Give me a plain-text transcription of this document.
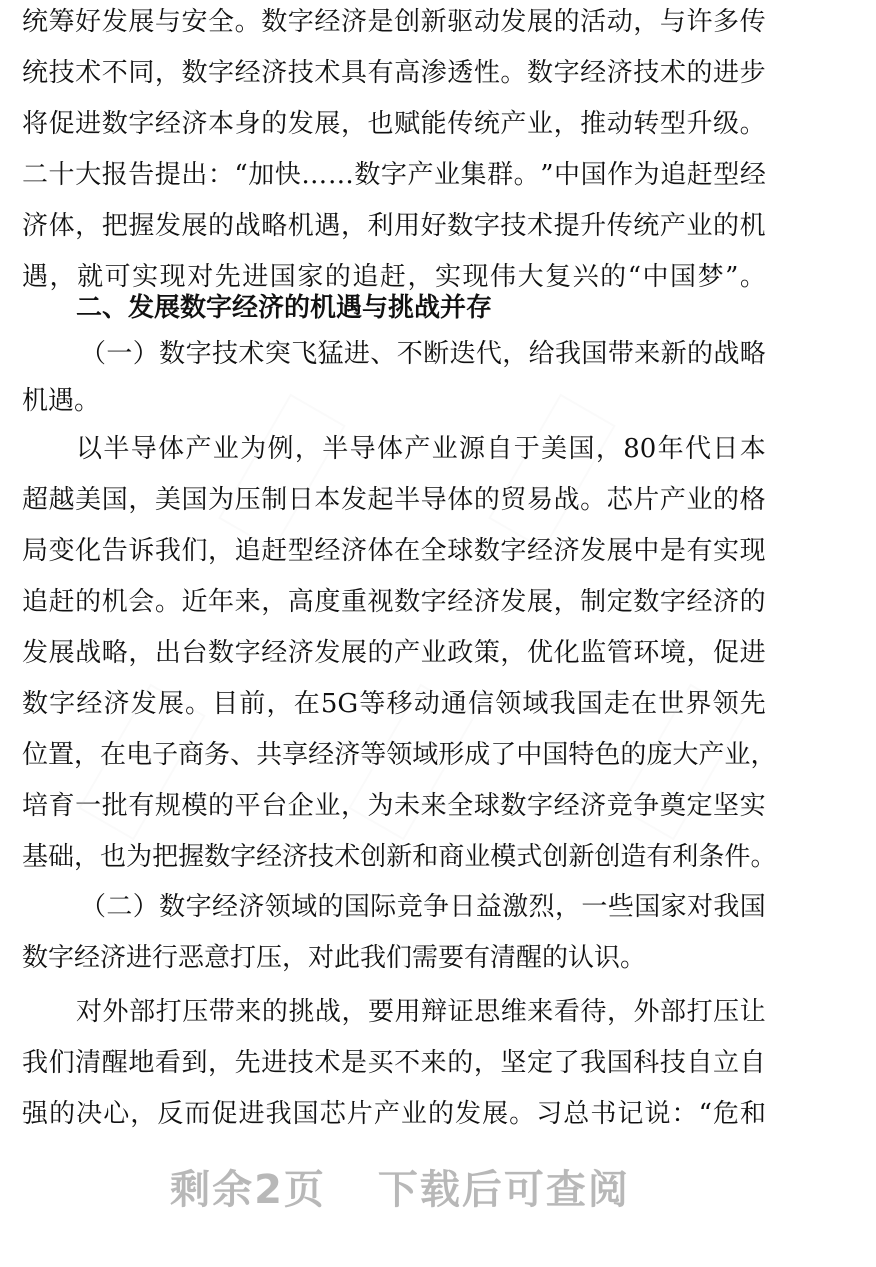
统 筹 好 发 展 与 安 全 。 数 字 经 济 是 创 新 驱 动 发 展 的 活 动 ， 与 许 多 传
统 技 术 不 同 ， 数 字 经 济 技 术 具 有 高 渗 透 性 。 数 字 经 济 技 术 的 进 步
将 促 进 数 字 经 济 本 身 的 发 展 ， 也 赋 能 传 统 产 业 ， 推 动 转 型 升 级 。
二 十 大 报 告 提 出 ： “ 加 快 … … 数 字 产 业 集 群 。 ” 中 国 作 为 追 赶 型 经
济 体 ， 把 握 发 展 的 战 略 机 遇 ， 利 用 好 数 字 技 术 提 升 传 统 产 业 的 机
遇 ， 就 可 实 现 对 先 进 国 家 的 追 赶 ， 实 现 伟 大 复 兴 的 “ 中 国 梦 ” 。
二、发展数字经济的机遇与挑战并存
（ 一 ） 数 字 技 术 突 飞 猛 进 、 不 断 迭 代 ， 给 我 国 带 来 新 的 战 略
机遇。
以 半 导 体 产 业 为 例 ， 半 导 体 产 业 源 自 于 美 国 ， 80 年 代 日 本
超 越 美 国 ， 美 国 为 压 制 日 本 发 起 半 导 体 的 贸 易 战 。 芯 片 产 业 的 格
局 变 化 告 诉 我 们 ， 追 赶 型 经 济 体 在 全 球 数 字 经 济 发 展 中 是 有 实 现
追 赶 的 机 会 。 近 年 来 ， 高 度 重 视 数 字 经 济 发 展 ， 制 定 数 字 经 济 的
发 展 战 略 ， 出 台 数 字 经 济 发 展 的 产 业 政 策 ， 优 化 监 管 环 境 ， 促 进
数 字 经 济 发 展 。 目 前 ， 在 5G 等 移 动 通 信 领 域 我 国 走 在 世 界 领 先
位 置 ， 在 电 子 商 务 、 共 享 经 济 等 领 域 形 成 了 中 国 特 色 的 庞 大 产 业 ，
培 育 一 批 有 规 模 的 平 台 企 业 ， 为 未 来 全 球 数 字 经 济 竞 争 奠 定 坚 实
基 础 ， 也 为 把 握 数 字 经 济 技 术 创 新 和 商 业 模 式 创 新 创 造 有 利 条 件 。
（ 二 ） 数 字 经 济 领 域 的 国 际 竞 争 日 益 激 烈 ， 一 些 国 家 对 我 国
数字经济进行恶意打压，对此我们需要有清醒的认识。
对 外 部 打 压 带 来 的 挑 战 ， 要 用 辩 证 思 维 来 看 待 ， 外 部 打 压 让
我 们 清 醒 地 看 到 ， 先 进 技 术 是 买 不 来 的 ， 坚 定 了 我 国 科 技 自 立 自
强 的 决 心 ， 反 而 促 进 我 国 芯 片 产 业 的 发 展 。 习 总 书 记 说 ： “ 危 和
剩余2页 下载后可查阅
